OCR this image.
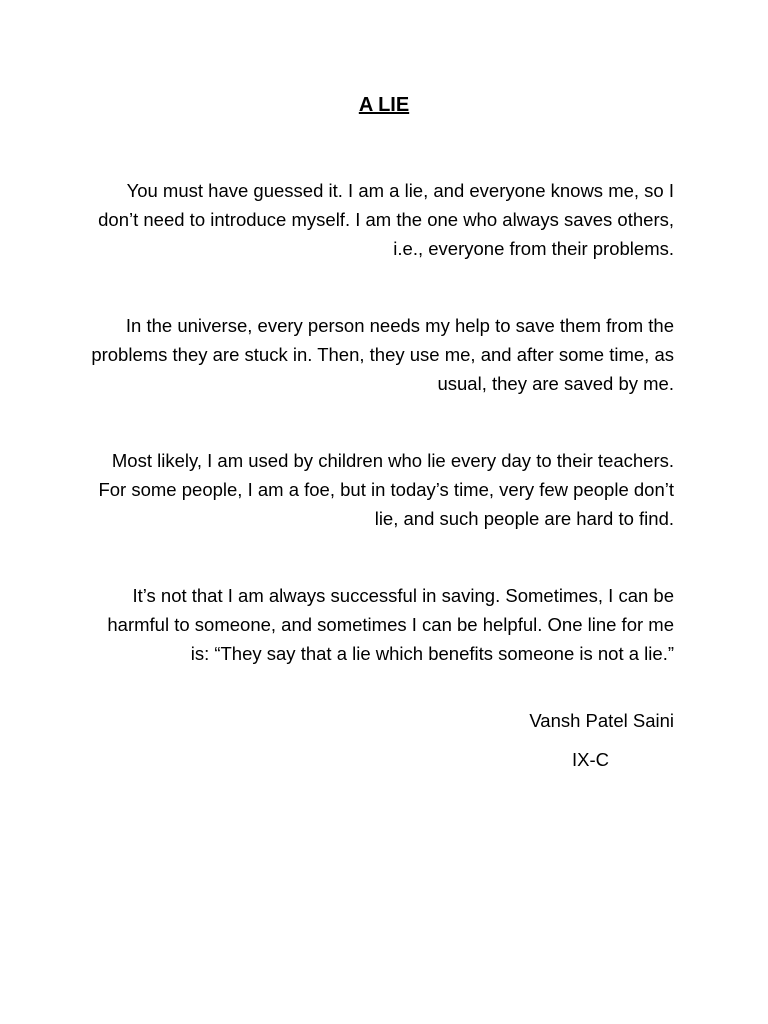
A LIE

You must have guessed it. I am a lie, and everyone knows me, so I don’t need to introduce myself. I am the one who always saves others, i.e., everyone from their problems.

In the universe, every person needs my help to save them from the problems they are stuck in. Then, they use me, and after some time, as usual, they are saved by me.

Most likely, I am used by children who lie every day to their teachers. For some people, I am a foe, but in today’s time, very few people don’t lie, and such people are hard to find.

It’s not that I am always successful in saving. Sometimes, I can be harmful to someone, and sometimes I can be helpful. One line for me is: “They say that a lie which benefits someone is not a lie.”

Vansh Patel Saini

IX-C
